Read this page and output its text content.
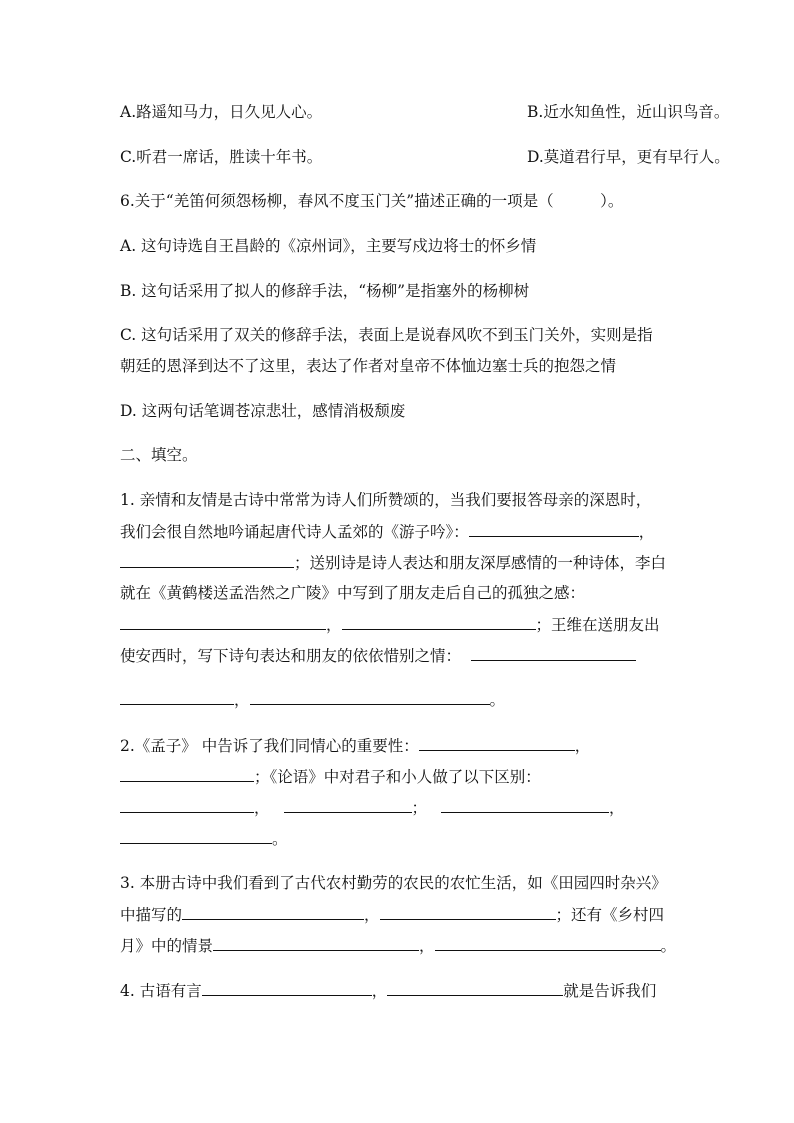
A.路遥知马力，日久见人心。	B.近水知鱼性，近山识鸟音。
C.听君一席话，胜读十年书。	D.莫道君行早，更有早行人。
6.关于“羌笛何须怨杨柳，春风不度玉门关”描述正确的一项是（　　　）。
A. 这句诗选自王昌龄的《凉州词》，主要写戍边将士的怀乡情
B. 这句话采用了拟人的修辞手法，“杨柳”是指塞外的杨柳树
C. 这句话采用了双关的修辞手法，表面上是说春风吹不到玉门关外，实则是指
朝廷的恩泽到达不了这里，表达了作者对皇帝不体恤边塞士兵的抱怨之情
D. 这两句话笔调苍凉悲壮，感情消极颓废
二、填空。
1. 亲情和友情是古诗中常常为诗人们所赞颂的，当我们要报答母亲的深恩时，
我们会很自然地吟诵起唐代诗人孟郊的《游子吟》：	，
；送别诗是诗人表达和朋友深厚感情的一种诗体，李白
就在《黄鹤楼送孟浩然之广陵》中写到了朋友走后自己的孤独之感：
，	；王维在送朋友出
使安西时，写下诗句表达和朋友的依依惜别之情：
，	。
2.《孟子》 中告诉了我们同情心的重要性：	，
；《论语》中对君子和小人做了以下区别：
，	；	，
。
3. 本册古诗中我们看到了古代农村勤劳的农民的农忙生活，如《田园四时杂兴》
中描写的	，	；还有《乡村四
月》中的情景	，	。
4. 古语有言	，	就是告诉我们
